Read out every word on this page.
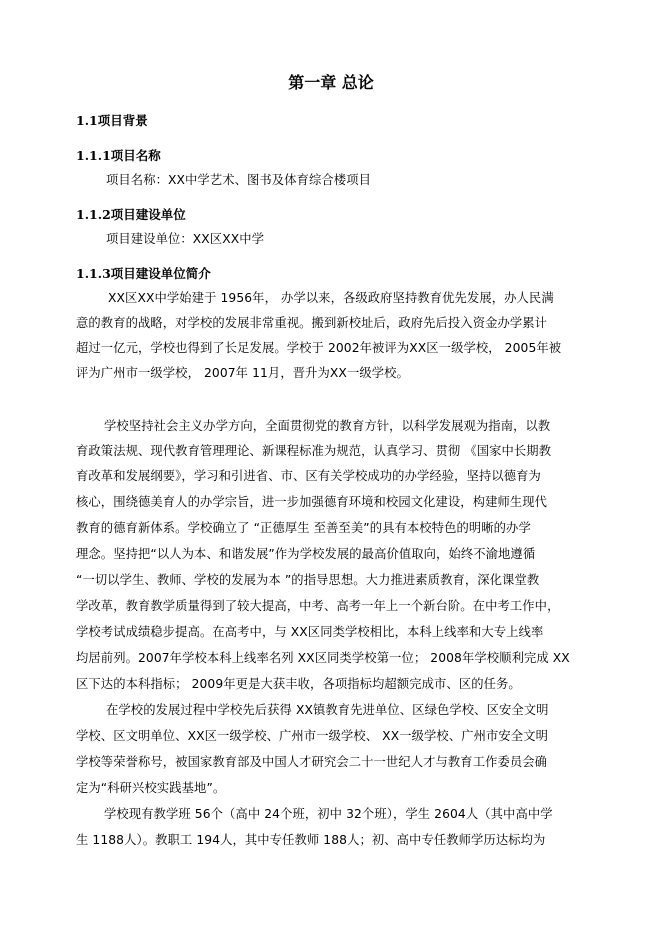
第一章 总论
1.1项目背景
1.1.1项目名称
项目名称：XX中学艺术、图书及体育综合楼项目
1.1.2项目建设单位
项目建设单位：XX区XX中学
1.1.3项目建设单位简介
XX区XX中学始建于 1956年， 办学以来，各级政府坚持教育优先发展，办人民满
意的教育的战略，对学校的发展非常重视。搬到新校址后，政府先后投入资金办学累计
超过一亿元，学校也得到了长足发展。学校于 2002年被评为XX区一级学校， 2005年被
评为广州市一级学校， 2007年 11月，晋升为XX一级学校。
学校坚持社会主义办学方向，全面贯彻党的教育方针，以科学发展观为指南，以教
育政策法规、现代教育管理理论、新课程标准为规范，认真学习、贯彻 《国家中长期教
育改革和发展纲要》，学习和引进省、市、区有关学校成功的办学经验，坚持以德育为
核心，围绕德美育人的办学宗旨，进一步加强德育环境和校园文化建设，构建师生现代
教育的德育新体系。学校确立了 “正德厚生 至善至美”的具有本校特色的明晰的办学
理念。坚持把“以人为本、和谐发展”作为学校发展的最高价值取向，始终不渝地遵循
“一切以学生、教师、学校的发展为本 ”的指导思想。大力推进素质教育，深化课堂教
学改革，教育教学质量得到了较大提高，中考、高考一年上一个新台阶。在中考工作中，
学校考试成绩稳步提高。在高考中，与 XX区同类学校相比，本科上线率和大专上线率
均居前列。2007年学校本科上线率名列 XX区同类学校第一位； 2008年学校顺利完成 XX
区下达的本科指标； 2009年更是大获丰收，各项指标均超额完成市、区的任务。
在学校的发展过程中学校先后获得 XX镇教育先进单位、区绿色学校、区安全文明
学校、区文明单位、XX区一级学校、广州市一级学校、 XX一级学校、广州市安全文明
学校等荣誉称号，被国家教育部及中国人才研究会二十一世纪人才与教育工作委员会确
定为“科研兴校实践基地”。
学校现有教学班 56个（高中 24个班，初中 32个班），学生 2604人（其中高中学
生 1188人）。教职工 194人，其中专任教师 188人；初、高中专任教师学历达标均为
